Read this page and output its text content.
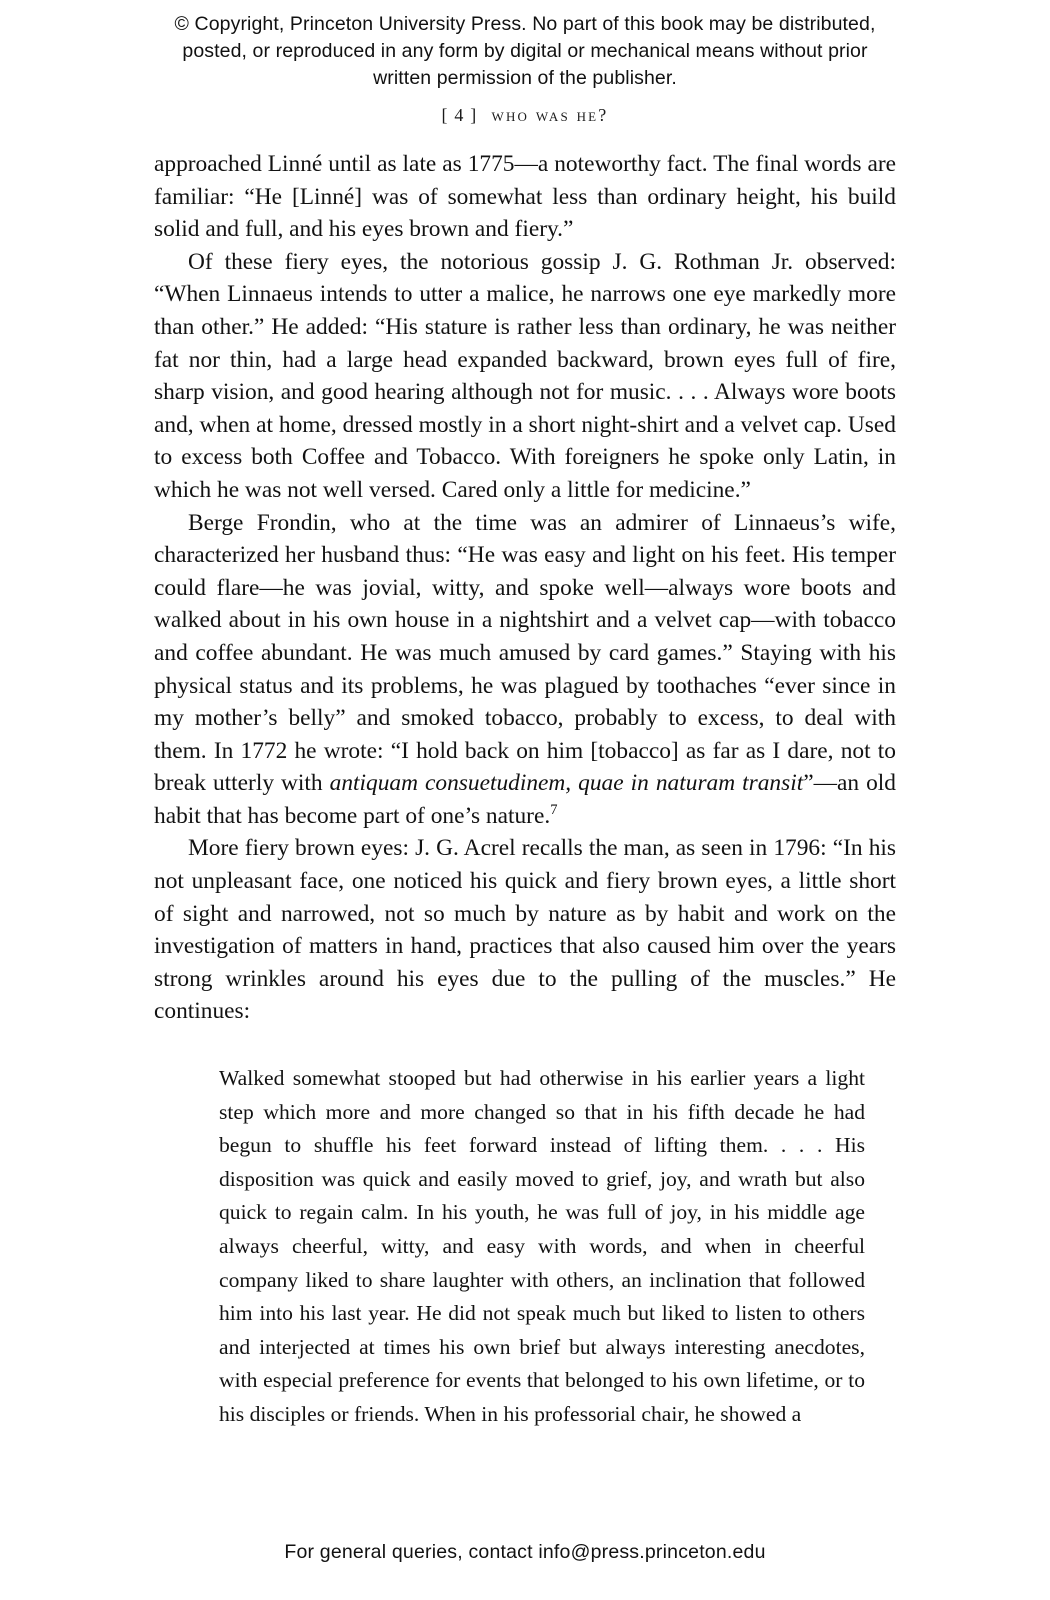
© Copyright, Princeton University Press. No part of this book may be distributed, posted, or reproduced in any form by digital or mechanical means without prior written permission of the publisher.
[ 4 ] who was he?

approached Linné until as late as 1775—a noteworthy fact. The final words are familiar: “He [Linné] was of somewhat less than ordinary height, his build solid and full, and his eyes brown and fiery.”

Of these fiery eyes, the notorious gossip J. G. Rothman Jr. observed: “When Linnaeus intends to utter a malice, he narrows one eye markedly more than other.” He added: “His stature is rather less than ordinary, he was neither fat nor thin, had a large head expanded backward, brown eyes full of fire, sharp vision, and good hearing although not for music. . . . Always wore boots and, when at home, dressed mostly in a short night-shirt and a velvet cap. Used to excess both Coffee and Tobacco. With foreigners he spoke only Latin, in which he was not well versed. Cared only a little for medicine.”

Berge Frondin, who at the time was an admirer of Linnaeus’s wife, characterized her husband thus: “He was easy and light on his feet. His temper could flare—he was jovial, witty, and spoke well—always wore boots and walked about in his own house in a nightshirt and a velvet cap—with tobacco and coffee abundant. He was much amused by card games.” Staying with his physical status and its problems, he was plagued by toothaches “ever since in my mother’s belly” and smoked tobacco, probably to excess, to deal with them. In 1772 he wrote: “I hold back on him [tobacco] as far as I dare, not to break utterly with antiquam consuetudinem, quae in naturam transit”—an old habit that has become part of one’s nature.$^7$

More fiery brown eyes: J. G. Acrel recalls the man, as seen in 1796: “In his not unpleasant face, one noticed his quick and fiery brown eyes, a little short of sight and narrowed, not so much by nature as by habit and work on the investigation of matters in hand, practices that also caused him over the years strong wrinkles around his eyes due to the pulling of the muscles.” He continues:

Walked somewhat stooped but had otherwise in his earlier years a light step which more and more changed so that in his fifth decade he had begun to shuffle his feet forward instead of lifting them. . . . His disposition was quick and easily moved to grief, joy, and wrath but also quick to regain calm. In his youth, he was full of joy, in his middle age always cheerful, witty, and easy with words, and when in cheerful company liked to share laughter with others, an inclination that followed him into his last year. He did not speak much but liked to listen to others and interjected at times his own brief but always interesting anecdotes, with especial preference for events that belonged to his own lifetime, or to his disciples or friends. When in his professorial chair, he showed a

For general queries, contact info@press.princeton.edu
